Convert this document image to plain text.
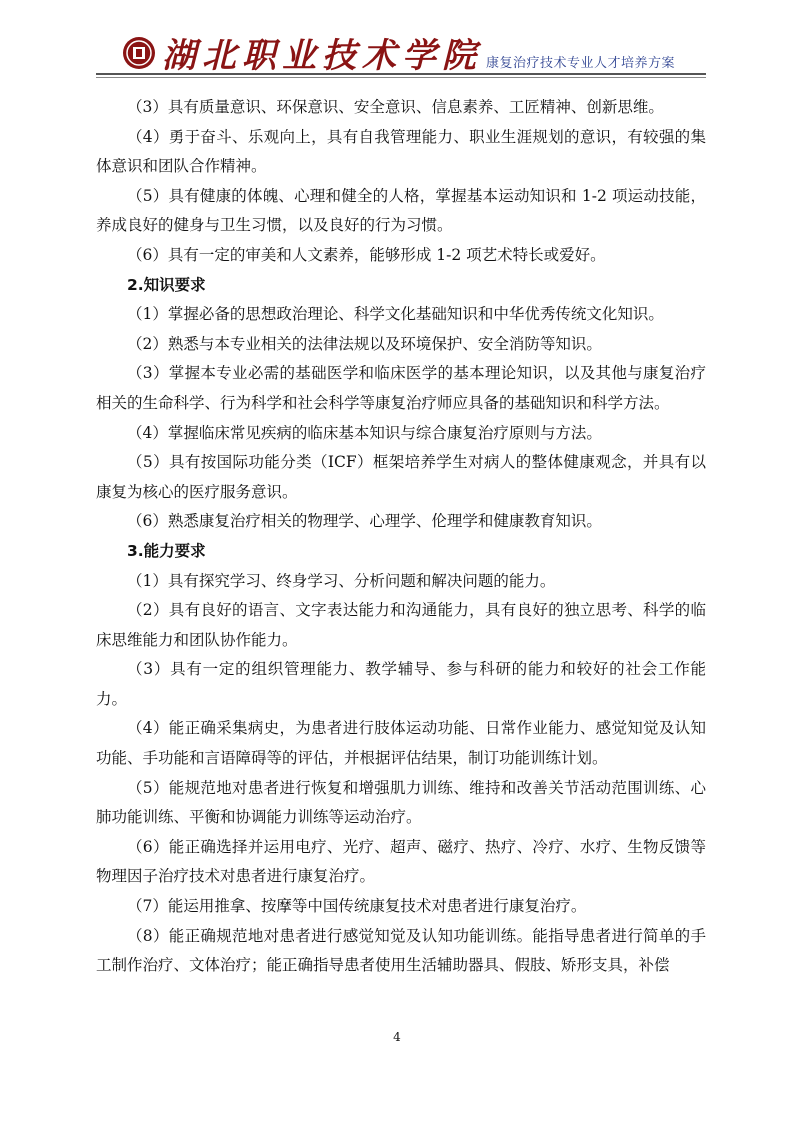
湖北职业技术学院 康复治疗技术专业人才培养方案

（3）具有质量意识、环保意识、安全意识、信息素养、工匠精神、创新思维。

（4）勇于奋斗、乐观向上，具有自我管理能力、职业生涯规划的意识，有较强的集体意识和团队合作精神。

（5）具有健康的体魄、心理和健全的人格，掌握基本运动知识和 1-2 项运动技能，养成良好的健身与卫生习惯，以及良好的行为习惯。

（6）具有一定的审美和人文素养，能够形成 1-2 项艺术特长或爱好。

2.知识要求

（1）掌握必备的思想政治理论、科学文化基础知识和中华优秀传统文化知识。

（2）熟悉与本专业相关的法律法规以及环境保护、安全消防等知识。

（3）掌握本专业必需的基础医学和临床医学的基本理论知识，以及其他与康复治疗相关的生命科学、行为科学和社会科学等康复治疗师应具备的基础知识和科学方法。

（4）掌握临床常见疾病的临床基本知识与综合康复治疗原则与方法。

（5）具有按国际功能分类（ICF）框架培养学生对病人的整体健康观念，并具有以康复为核心的医疗服务意识。

（6）熟悉康复治疗相关的物理学、心理学、伦理学和健康教育知识。

3.能力要求

（1）具有探究学习、终身学习、分析问题和解决问题的能力。

（2）具有良好的语言、文字表达能力和沟通能力，具有良好的独立思考、科学的临床思维能力和团队协作能力。

（3）具有一定的组织管理能力、教学辅导、参与科研的能力和较好的社会工作能力。

（4）能正确采集病史，为患者进行肢体运动功能、日常作业能力、感觉知觉及认知功能、手功能和言语障碍等的评估，并根据评估结果，制订功能训练计划。

（5）能规范地对患者进行恢复和增强肌力训练、维持和改善关节活动范围训练、心肺功能训练、平衡和协调能力训练等运动治疗。

（6）能正确选择并运用电疗、光疗、超声、磁疗、热疗、冷疗、水疗、生物反馈等物理因子治疗技术对患者进行康复治疗。

（7）能运用推拿、按摩等中国传统康复技术对患者进行康复治疗。

（8）能正确规范地对患者进行感觉知觉及认知功能训练。能指导患者进行简单的手工制作治疗、文体治疗；能正确指导患者使用生活辅助器具、假肢、矫形支具，补偿

4
